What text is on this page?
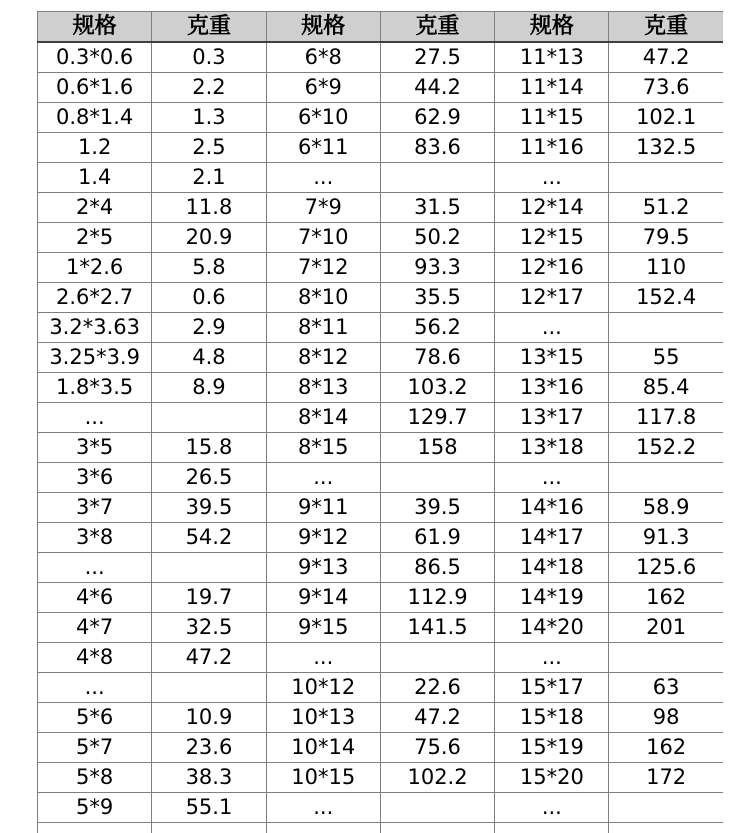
规格	克重	规格	克重	规格	克重
0.3*0.6	0.3	6*8	27.5	11*13	47.2
0.6*1.6	2.2	6*9	44.2	11*14	73.6
0.8*1.4	1.3	6*10	62.9	11*15	102.1
1.2	2.5	6*11	83.6	11*16	132.5
1.4	2.1	...		...	
2*4	11.8	7*9	31.5	12*14	51.2
2*5	20.9	7*10	50.2	12*15	79.5
1*2.6	5.8	7*12	93.3	12*16	110
2.6*2.7	0.6	8*10	35.5	12*17	152.4
3.2*3.63	2.9	8*11	56.2	...	
3.25*3.9	4.8	8*12	78.6	13*15	55
1.8*3.5	8.9	8*13	103.2	13*16	85.4
...		8*14	129.7	13*17	117.8
3*5	15.8	8*15	158	13*18	152.2
3*6	26.5	...		...	
3*7	39.5	9*11	39.5	14*16	58.9
3*8	54.2	9*12	61.9	14*17	91.3
...		9*13	86.5	14*18	125.6
4*6	19.7	9*14	112.9	14*19	162
4*7	32.5	9*15	141.5	14*20	201
4*8	47.2	...		...	
...		10*12	22.6	15*17	63
5*6	10.9	10*13	47.2	15*18	98
5*7	23.6	10*14	75.6	15*19	162
5*8	38.3	10*15	102.2	15*20	172
5*9	55.1	...		...	
